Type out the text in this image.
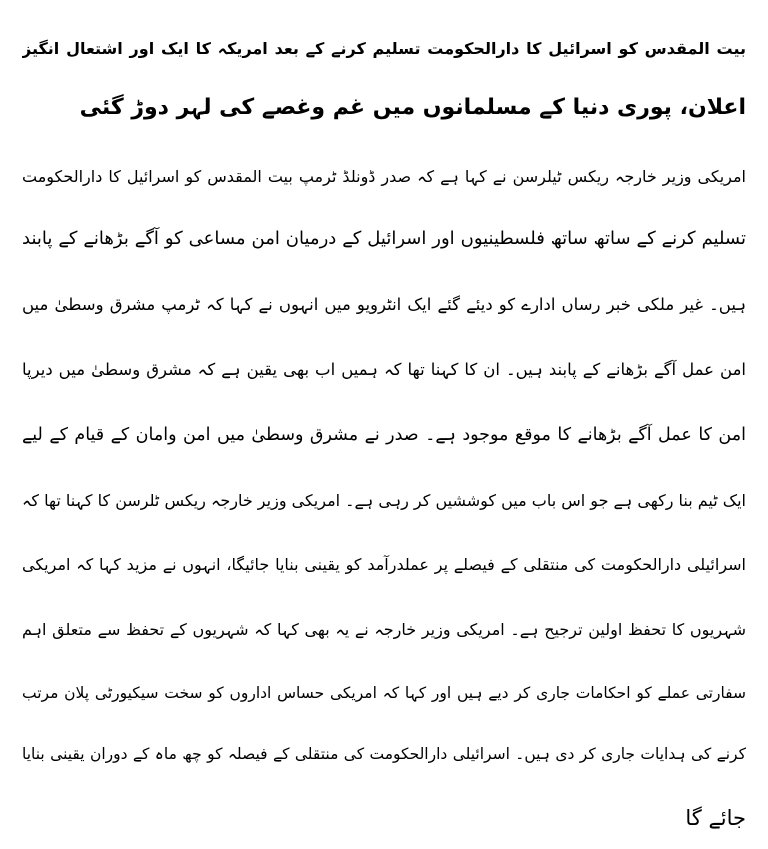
بیت المقدس کو اسرائیل کا دارالحکومت تسلیم کرنے کے بعد امریکہ کا ایک اور اشتعال انگیز
اعلان، پوری دنیا کے مسلمانوں میں غم وغصے کی لہر دوڑ گئی
امریکی وزیر خارجہ ریکس ٹیلرسن نے کہا ہے کہ صدر ڈونلڈ ٹرمپ بیت المقدس کو اسرائیل کا دارالحکومت
تسلیم کرنے کے ساتھ ساتھ فلسطینیوں اور اسرائیل کے درمیان امن مساعی کو آگے بڑھانے کے پابند
ہیں۔ غیر ملکی خبر رساں ادارے کو دیئے گئے ایک انٹرویو میں انہوں نے کہا کہ ٹرمپ مشرق وسطیٰ میں
امن عمل آگے بڑھانے کے پابند ہیں۔ ان کا کہنا تھا کہ ہمیں اب بھی یقین ہے کہ مشرق وسطیٰ میں دیرپا
امن کا عمل آگے بڑھانے کا موقع موجود ہے۔ صدر نے مشرق وسطیٰ میں امن وامان کے قیام کے لیے
ایک ٹیم بنا رکھی ہے جو اس باب میں کوششیں کر رہی ہے۔ امریکی وزیر خارجہ ریکس ٹلرسن کا کہنا تھا کہ
اسرائیلی دارالحکومت کی منتقلی کے فیصلے پر عملدرآمد کو یقینی بنایا جائیگا، انہوں نے مزید کہا کہ امریکی
شہریوں کا تحفظ اولین ترجیح ہے۔ امریکی وزیر خارجہ نے یہ بھی کہا کہ شہریوں کے تحفظ سے متعلق اہم
سفارتی عملے کو احکامات جاری کر دیے ہیں اور کہا کہ امریکی حساس اداروں کو سخت سیکیورٹی پلان مرتب
کرنے کی ہدایات جاری کر دی ہیں۔ اسرائیلی دارالحکومت کی منتقلی کے فیصلہ کو چھ ماہ کے دوران یقینی بنایا
جائے گا
